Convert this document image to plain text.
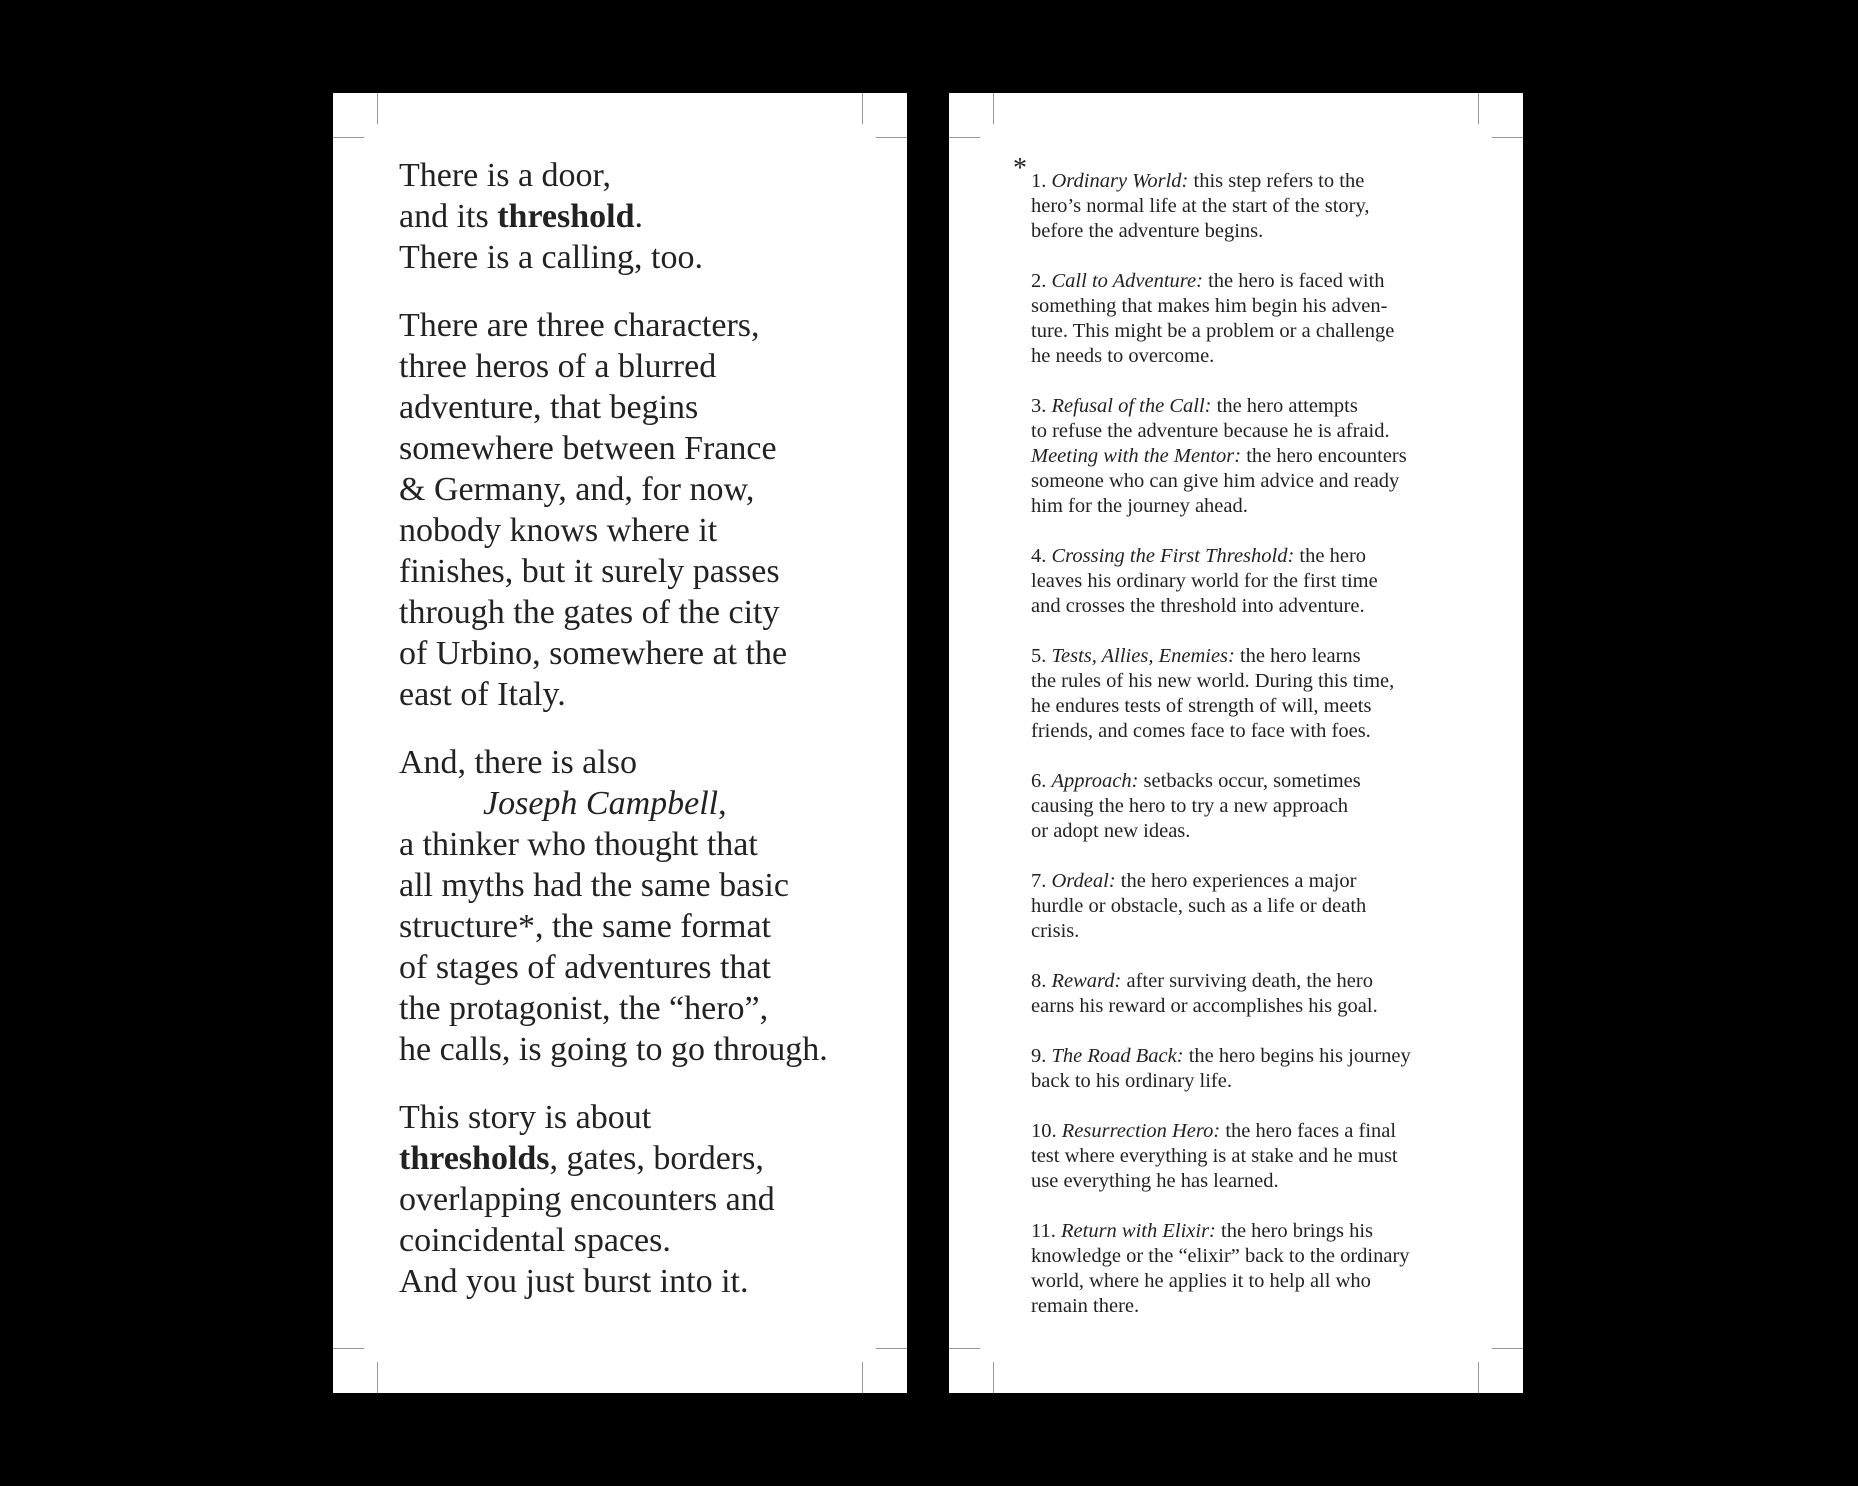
There is a door,
and its threshold.
There is a calling, too.

There are three characters,
three heros of a blurred
adventure, that begins
somewhere between France
& Germany, and, for now,
nobody knows where it
finishes, but it surely passes
through the gates of the city
of Urbino, somewhere at the
east of Italy.

And, there is also
Joseph Campbell,
a thinker who thought that
all myths had the same basic
structure*, the same format
of stages of adventures that
the protagonist, the “hero”,
he calls, is going to go through.

This story is about
thresholds, gates, borders,
overlapping encounters and
coincidental spaces.
And you just burst into it.

* 1. Ordinary World: this step refers to the
hero’s normal life at the start of the story,
before the adventure begins.
2. Call to Adventure: the hero is faced with
something that makes him begin his adven-
ture. This might be a problem or a challenge
he needs to overcome.
3. Refusal of the Call: the hero attempts
to refuse the adventure because he is afraid.
Meeting with the Mentor: the hero encounters
someone who can give him advice and ready
him for the journey ahead.
4. Crossing the First Threshold: the hero
leaves his ordinary world for the first time
and crosses the threshold into adventure.
5. Tests, Allies, Enemies: the hero learns
the rules of his new world. During this time,
he endures tests of strength of will, meets
friends, and comes face to face with foes.
6. Approach: setbacks occur, sometimes
causing the hero to try a new approach
or adopt new ideas.
7. Ordeal: the hero experiences a major
hurdle or obstacle, such as a life or death
crisis.
8. Reward: after surviving death, the hero
earns his reward or accomplishes his goal.
9. The Road Back: the hero begins his journey
back to his ordinary life.
10. Resurrection Hero: the hero faces a final
test where everything is at stake and he must
use everything he has learned.
11. Return with Elixir: the hero brings his
knowledge or the “elixir” back to the ordinary
world, where he applies it to help all who
remain there.
